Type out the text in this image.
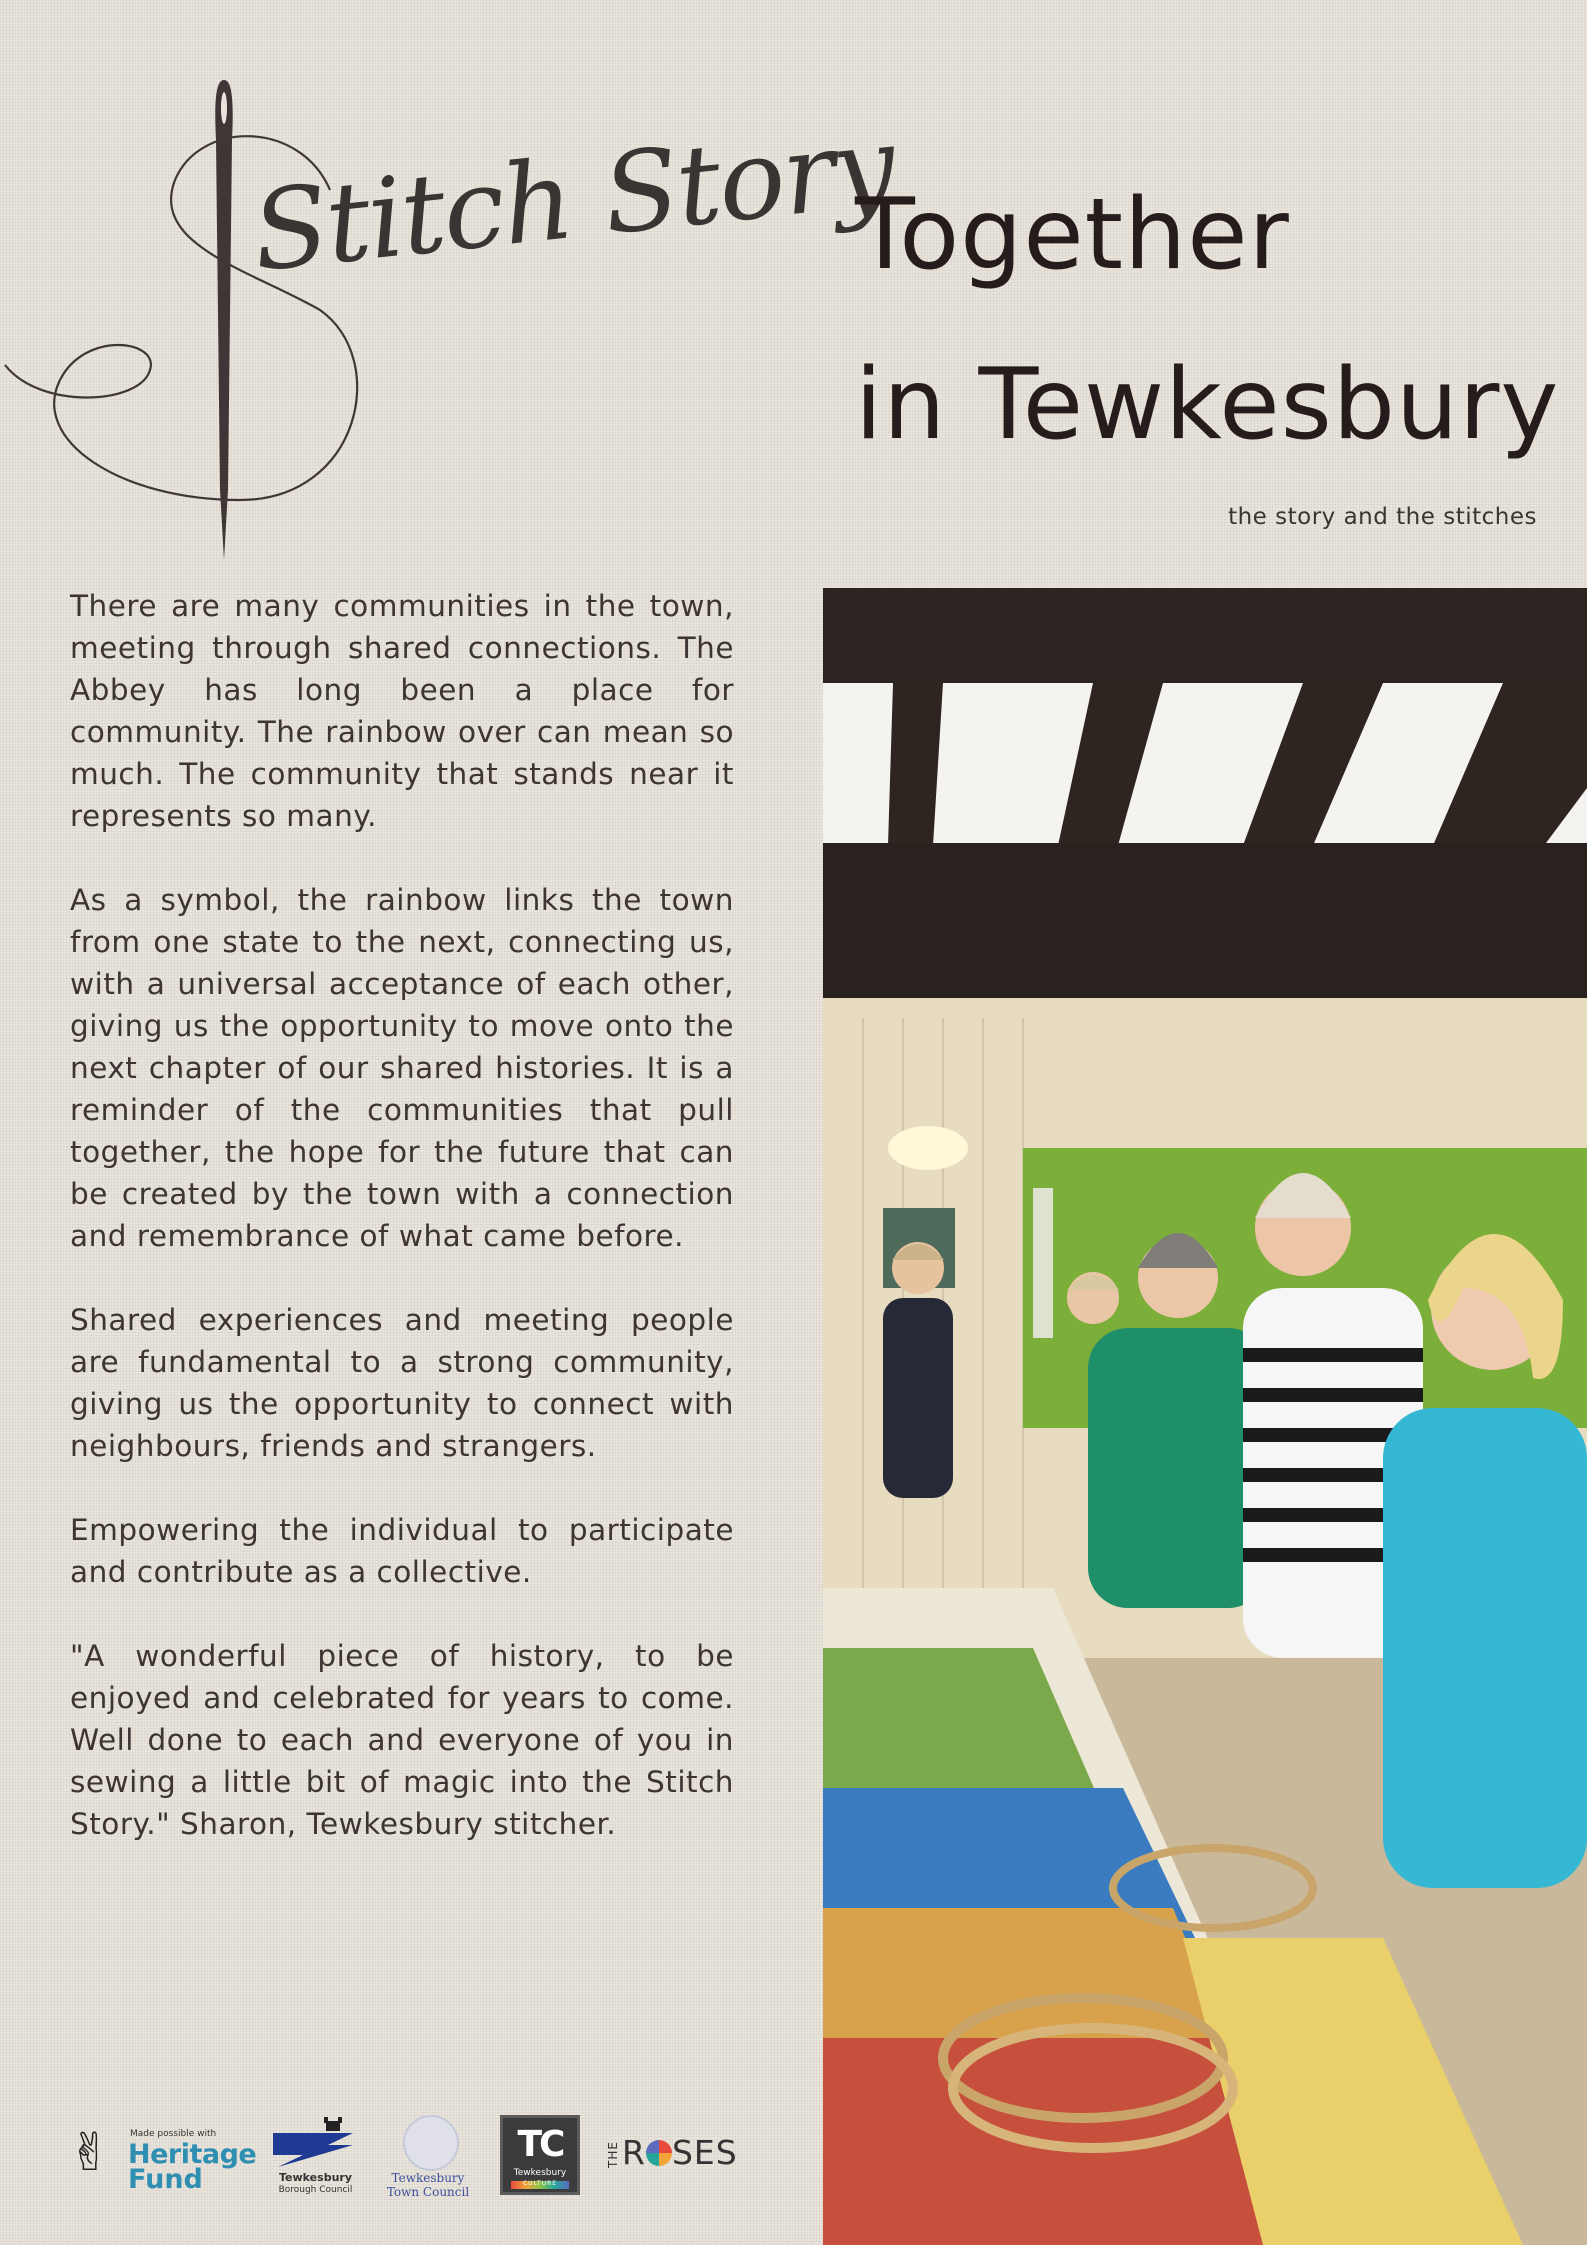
Stitch Story
Together
in Tewkesbury
the story and the stitches

There are many communities in the town, meeting through shared connections. The Abbey has long been a place for community. The rainbow over can mean so much. The community that stands near it represents so many.

As a symbol, the rainbow links the town from one state to the next, connecting us, with a universal acceptance of each other, giving us the opportunity to move onto the next chapter of our shared histories. It is a reminder of the communities that pull together, the hope for the future that can be created by the town with a connection and remembrance of what came before.

Shared experiences and meeting people are fundamental to a strong community, giving us the opportunity to connect with neighbours, friends and strangers.

Empowering the individual to participate and contribute as a collective.

"A wonderful piece of history, to be enjoyed and celebrated for years to come. Well done to each and everyone of you in sewing a little bit of magic into the Stitch Story." Sharon, Tewkesbury stitcher.

✌ Made possible with
Heritage
Fund	Tewkesbury
Borough Council
Tewkesbury
Town Council
TC
Tewkesbury
CULTURE
THER SES
